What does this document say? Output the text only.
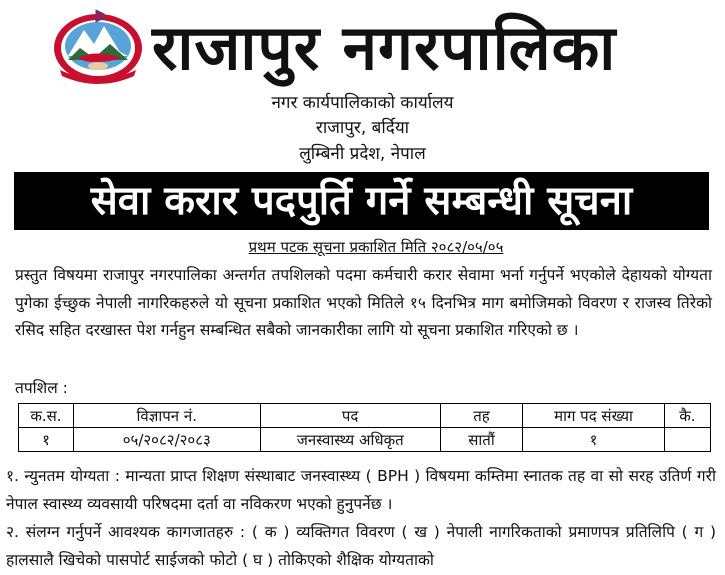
राजापुर नगरपालिका
नगर कार्यपालिकाको कार्यालय
राजापुर, बर्दिया
लुम्बिनी प्रदेश, नेपाल
सेवा करार पदपुर्ति गर्ने सम्बन्धी सूचना
प्रथम पटक सूचना प्रकाशित मिति २०८२/०५/०५
प्रस्तुत विषयमा राजापुर नगरपालिका अन्तर्गत तपशिलको पदमा कर्मचारी करार सेवामा भर्ना गर्नुपर्ने भएकोले देहायको योग्यता पुगेका ईच्छुक नेपाली नागरिकहरुले यो सूचना प्रकाशित भएको मितिले १५ दिनभित्र माग बमोजिमको विवरण र राजस्व तिरेको रसिद सहित दरखास्त पेश गर्नहुन सम्बन्धित सबैको जानकारीका लागि यो सूचना प्रकाशित गरिएको छ ।
तपशिल :
क.स.	विज्ञापन नं.	पद	तह	माग पद संख्या	कै.
१	०५/२०८२/२०८३	जनस्वास्थ्य अधिकृत	सातौं	१	
१. न्युनतम योग्यता : मान्यता प्राप्त शिक्षण संस्थाबाट जनस्वास्थ्य ( BPH ) विषयमा कम्तिमा स्नातक तह वा सो सरह उतिर्ण गरी नेपाल स्वास्थ्य व्यवसायी परिषदमा दर्ता वा नविकरण भएको हुनुपर्नेछ ।
२. संलग्न गर्नुपर्ने आवश्यक कागजातहरु : ( क ) व्यक्तिगत विवरण ( ख ) नेपाली नागरिकताको प्रमाणपत्र प्रतिलिपि ( ग ) हालसालै खिचेको पासपोर्ट साईजको फोटो ( घ ) तोकिएको शैक्षिक योग्यताको
